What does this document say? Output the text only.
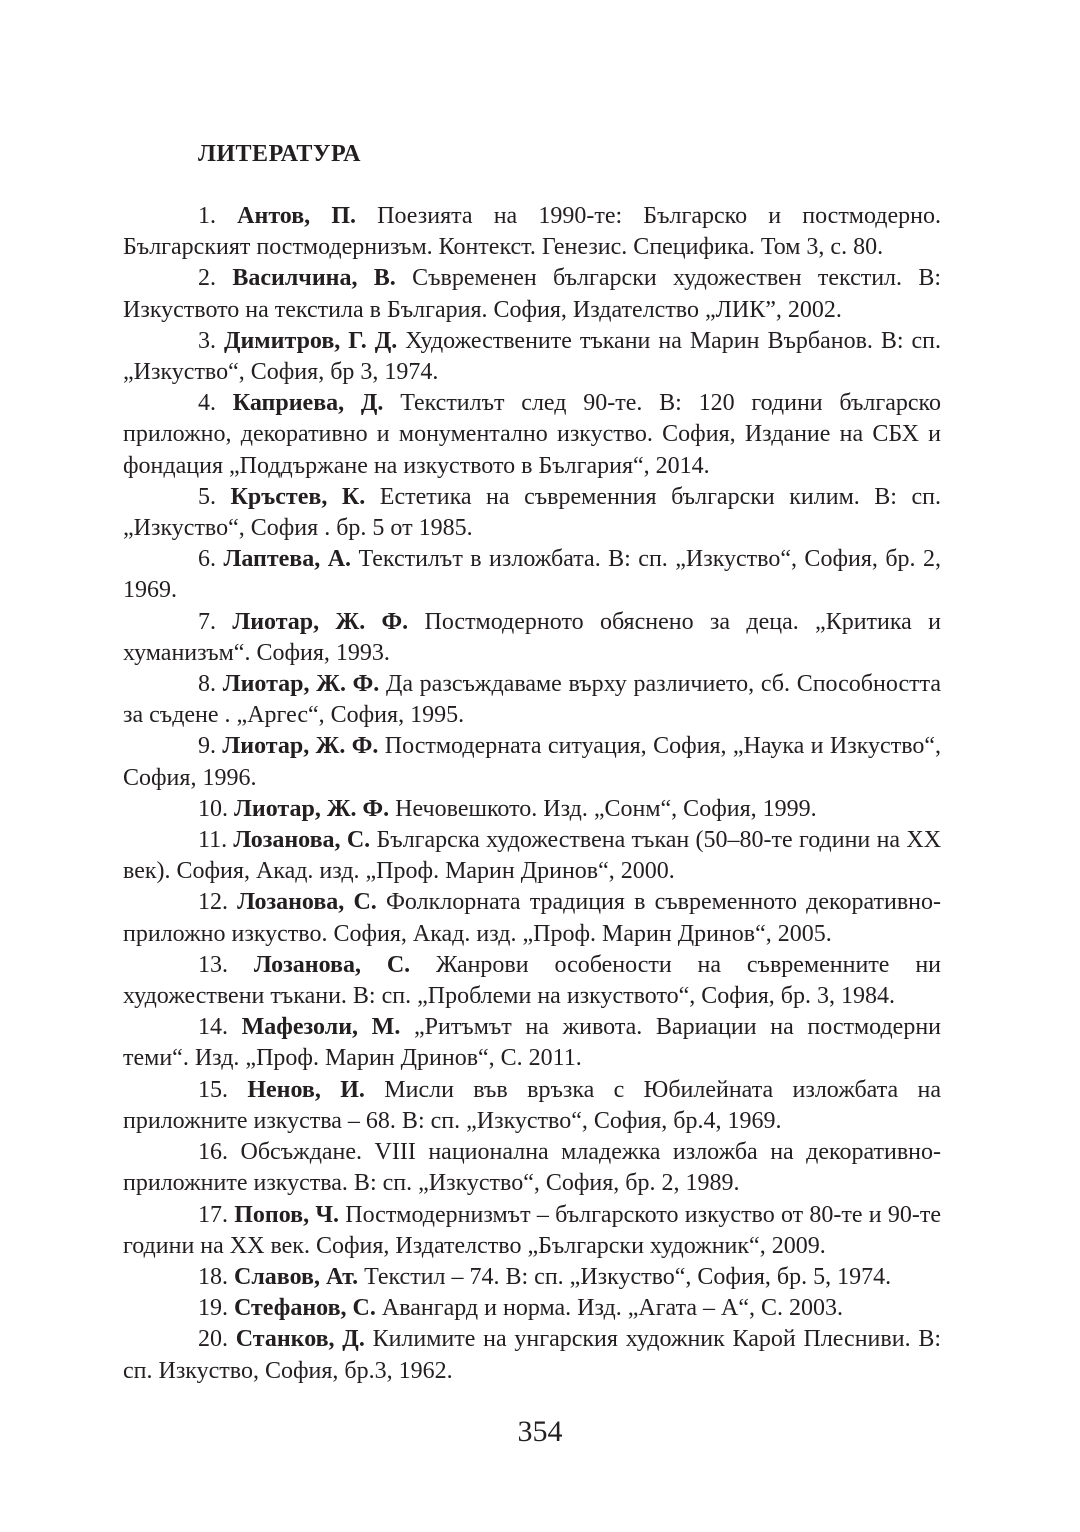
ЛИТЕРАТУРА

1. Антов, П. Поезията на 1990-те: Българско и постмодерно. Българският постмодернизъм. Контекст. Генезис. Специфика. Том 3, с. 80.

2. Василчина, В. Съвременен български художествен текстил. В: Изкуството на текстила в България. София, Издателство „ЛИК”, 2002.

3. Димитров, Г. Д. Художествените тъкани на Марин Върбанов. В: сп. „Изкуство“, София, бр 3, 1974.

4. Каприева, Д. Текстилът след 90-те. В: 120 години българско приложно, декоративно и монументално изкуство. София, Издание на СБХ и фондация „Поддържане на изкуството в България“, 2014.

5. Кръстев, К. Естетика на съвременния български килим. В: сп. „Изкуство“, София . бр. 5 от 1985.

6. Лаптева, А. Текстилът в изложбата. В: сп. „Изкуство“, София, бр. 2, 1969.

7. Лиотар, Ж. Ф. Постмодерното обяснено за деца. „Критика и хуманизъм“. София, 1993.

8. Лиотар, Ж. Ф. Да разсъждаваме върху различието, сб. Способността за съдене . „Аргес“, София, 1995.

9. Лиотар, Ж. Ф. Постмодерната ситуация, София, „Наука и Изкуство“, София, 1996.

10. Лиотар, Ж. Ф. Нечовешкото. Изд. „Сонм“, София, 1999.

11. Лозанова, С. Българска художествена тъкан (50–80-те години на ХХ век). София, Акад. изд. „Проф. Марин Дринов“, 2000.

12. Лозанова, С. Фолклорната традиция в съвременното декоративно-приложно изкуство. София, Акад. изд. „Проф. Марин Дринов“, 2005.

13. Лозанова, С. Жанрови особености на съвременните ни художествени тъкани. В: сп. „Проблеми на изкуството“, София, бр. 3, 1984.

14. Мафезоли, М. „Ритъмът на живота. Вариации на постмодерни теми“. Изд. „Проф. Марин Дринов“, С. 2011.

15. Ненов, И. Мисли във връзка с Юбилейната изложбата на приложните изкуства – 68. В: сп. „Изкуство“, София, бр.4, 1969.

16. Обсъждане. VIII национална младежка изложба на декоративно-приложните изкуства. В: сп. „Изкуство“, София, бр. 2, 1989.

17. Попов, Ч. Постмодернизмът – българското изкуство от 80-те и 90-те години на ХХ век. София, Издателство „Български художник“, 2009.

18. Славов, Ат. Текстил – 74. В: сп. „Изкуство“, София, бр. 5, 1974.

19. Стефанов, С. Авангард и норма. Изд. „Агата – А“, С. 2003.

20. Станков, Д. Килимите на унгарския художник Карой Плесниви. В: сп. Изкуство, София, бр.3, 1962.

354
